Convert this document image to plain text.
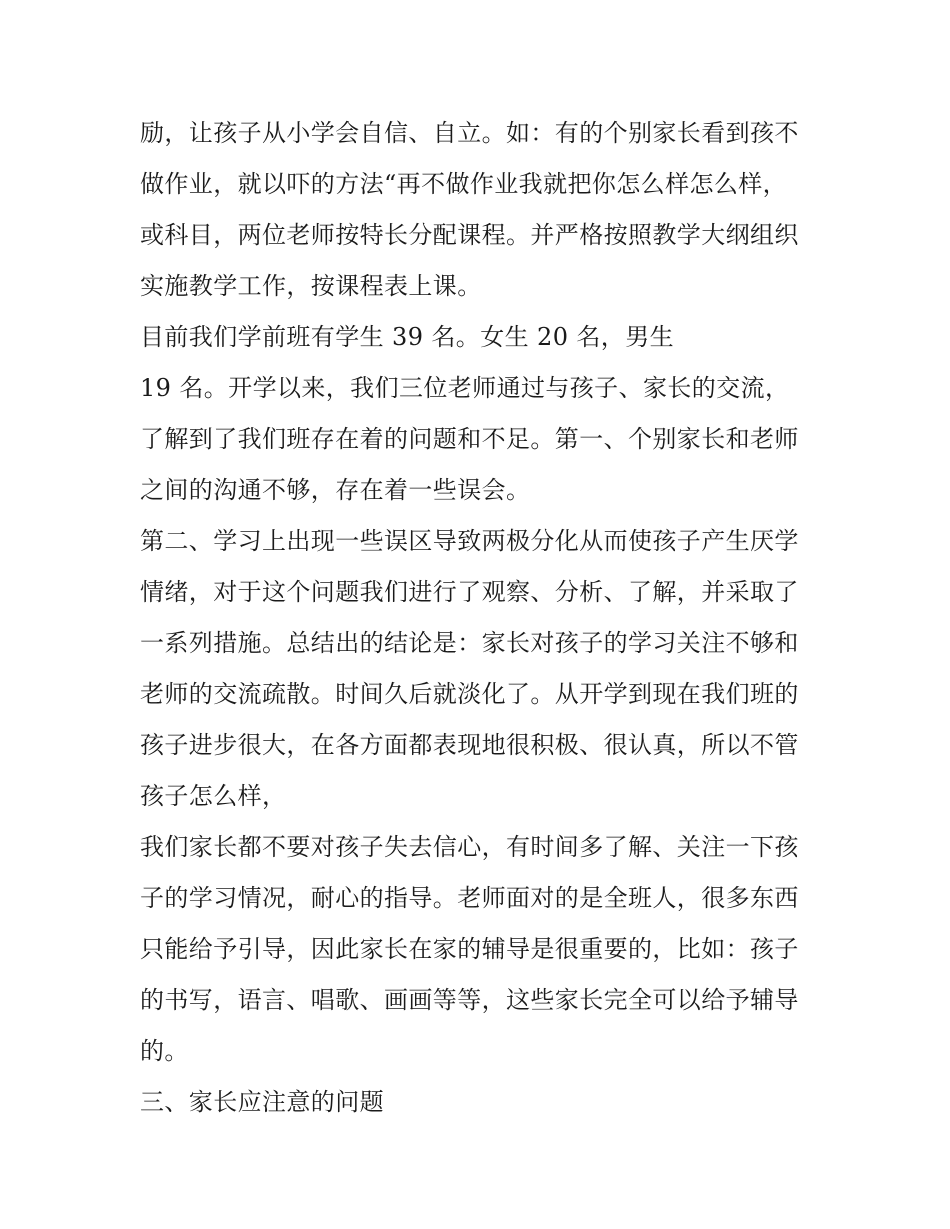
励，让孩子从小学会自信、自立。如：有的个别家长看到孩不
做作业，就以吓的方法“再不做作业我就把你怎么样怎么样，
或科目，两位老师按特长分配课程。并严格按照教学大纲组织
实施教学工作，按课程表上课。
目前我们学前班有学生 39 名。女生 20 名，男生
19 名。开学以来，我们三位老师通过与孩子、家长的交流，
了解到了我们班存在着的问题和不足。第一、个别家长和老师
之间的沟通不够，存在着一些误会。
第二、学习上出现一些误区导致两极分化从而使孩子产生厌学
情绪，对于这个问题我们进行了观察、分析、了解，并采取了
一系列措施。总结出的结论是：家长对孩子的学习关注不够和
老师的交流疏散。时间久后就淡化了。从开学到现在我们班的
孩子进步很大，在各方面都表现地很积极、很认真，所以不管
孩子怎么样，
我们家长都不要对孩子失去信心，有时间多了解、关注一下孩
子的学习情况，耐心的指导。老师面对的是全班人，很多东西
只能给予引导，因此家长在家的辅导是很重要的，比如：孩子
的书写，语言、唱歌、画画等等，这些家长完全可以给予辅导
的。
三、家长应注意的问题
